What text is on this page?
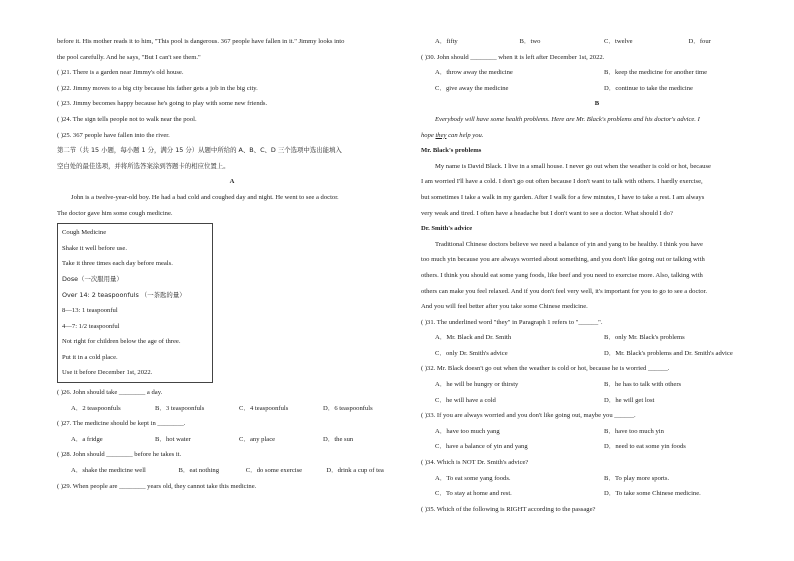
before it. His mother reads it to him, "This pool is dangerous. 367 people have fallen in it." Jimmy looks into
the pool carefully. And he says, "But I can't see them."
( )21. There is a garden near Jimmy's old house.
( )22. Jimmy moves to a big city because his father gets a job in the big city.
( )23. Jimmy becomes happy because he's going to play with some new friends.
( )24. The sign tells people not to walk near the pool.
( )25. 367 people have fallen into the river.
第二节（共 15 小题，每小题 1 分，满分 15 分）从题中所给的 A、B、C、D 三个选项中选出能填入
空白处的最佳选项，并将所选答案涂到答题卡的相应位置上。
A
John is a twelve-year-old boy. He had a bad cold and coughed day and night. He went to see a doctor.
The doctor gave him some cough medicine.
Cough Medicine
Shake it well before use.
Take it three times each day before meals.
Dose（一次服用量）
Over 14: 2 teaspoonfuls （一茶匙的量）
8—13: 1 teaspoonful
4—7: 1/2 teaspoonful
Not right for children below the age of three.
Put it in a cold place.
Use it before December 1st, 2022.
( )26. John should take ________ a day.
A．2 teaspoonfuls	B．3 teaspoonfuls	C．4 teaspoonfuls	D．6 teaspoonfuls
( )27. The medicine should be kept in ________.
A．a fridge	B．hot water	C．any place	D．the sun
( )28. John should ________ before he takes it.
A．shake the medicine well	B．eat nothing	C．do some exercise	D．drink a cup of tea
( )29. When people are ________ years old, they cannot take this medicine.
A．fifty	B．two	C．twelve	D．four
( )30. John should ________ when it is left after December 1st, 2022.
A．throw away the medicine	B．keep the medicine for another time
C．give away the medicine	D．continue to take the medicine
B
Everybody will have some health problems. Here are Mr. Black's problems and his doctor's advice. I
hope they can help you.
Mr. Black's problems
My name is David Black. I live in a small house. I never go out when the weather is cold or hot, because
I am worried I'll have a cold. I don't go out often because I don't want to talk with others. I hardly exercise,
but sometimes I take a walk in my garden. After I walk for a few minutes, I have to take a rest. I am always
very weak and tired. I often have a headache but I don't want to see a doctor. What should I do?
Dr. Smith's advice
Traditional Chinese doctors believe we need a balance of yin and yang to be healthy. I think you have
too much yin because you are always worried about something, and you don't like going out or talking with
others. I think you should eat some yang foods, like beef and you need to exercise more. Also, talking with
others can make you feel relaxed. And if you don't feel very well, it's important for you to go to see a doctor.
And you will feel better after you take some Chinese medicine.
( )31. The underlined word "they" in Paragraph 1 refers to "______".
A．Mr. Black and Dr. Smith	B．only Mr. Black's problems
C．only Dr. Smith's advice	D．Mr. Black's problems and Dr. Smith's advice
( )32. Mr. Black doesn't go out when the weather is cold or hot, because he is worried ______.
A．he will be hungry or thirsty	B．he has to talk with others
C．he will have a cold	D．he will get lost
( )33. If you are always worried and you don't like going out, maybe you ______.
A．have too much yang	B．have too much yin
C．have a balance of yin and yang	D．need to eat some yin foods
( )34. Which is NOT Dr. Smith's advice?
A．To eat some yang foods.	B．To play more sports.
C．To stay at home and rest.	D．To take some Chinese medicine.
( )35. Which of the following is RIGHT according to the passage?
